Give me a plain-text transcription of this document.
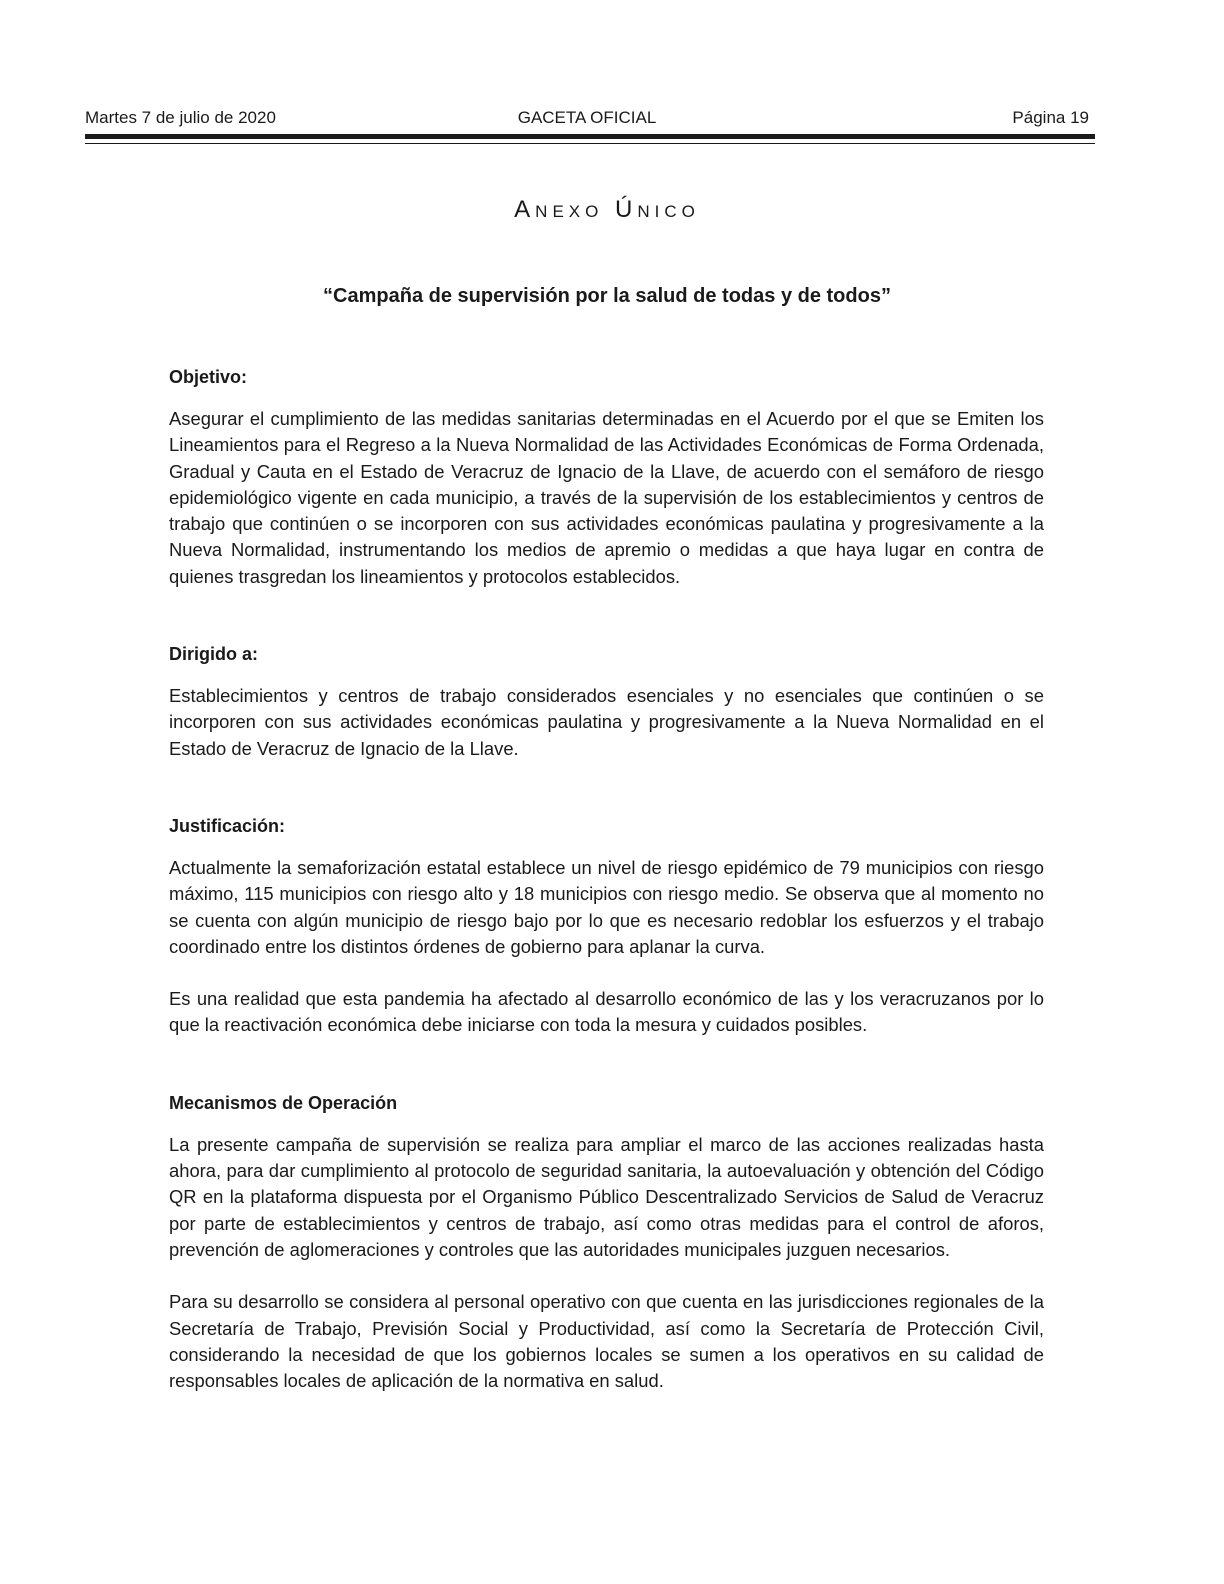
Martes 7 de julio de 2020	GACETA OFICIAL	Página 19
Anexo Único
“Campaña de supervisión por la salud de todas y de todos”

Objetivo:

Asegurar el cumplimiento de las medidas sanitarias determinadas en el Acuerdo por el que se Emiten los Lineamientos para el Regreso a la Nueva Normalidad de las Actividades Económicas de Forma Ordenada, Gradual y Cauta en el Estado de Veracruz de Ignacio de la Llave, de acuerdo con el semáforo de riesgo epidemiológico vigente en cada municipio, a través de la supervisión de los establecimientos y centros de trabajo que continúen o se incorporen con sus actividades económicas paulatina y progresivamente a la Nueva Normalidad, instrumentando los medios de apremio o medidas a que haya lugar en contra de quienes trasgredan los lineamientos y protocolos establecidos.

Dirigido a:

Establecimientos y centros de trabajo considerados esenciales y no esenciales que continúen o se incorporen con sus actividades económicas paulatina y progresivamente a la Nueva Normalidad en el Estado de Veracruz de Ignacio de la Llave.

Justificación:

Actualmente la semaforización estatal establece un nivel de riesgo epidémico de 79 municipios con riesgo máximo, 115 municipios con riesgo alto y 18 municipios con riesgo medio. Se observa que al momento no se cuenta con algún municipio de riesgo bajo por lo que es necesario redoblar los esfuerzos y el trabajo coordinado entre los distintos órdenes de gobierno para aplanar la curva.

Es una realidad que esta pandemia ha afectado al desarrollo económico de las y los veracruzanos por lo que la reactivación económica debe iniciarse con toda la mesura y cuidados posibles.

Mecanismos de Operación

La presente campaña de supervisión se realiza para ampliar el marco de las acciones realizadas hasta ahora, para dar cumplimiento al protocolo de seguridad sanitaria, la autoevaluación y obtención del Código QR en la plataforma dispuesta por el Organismo Público Descentralizado Servicios de Salud de Veracruz por parte de establecimientos y centros de trabajo, así como otras medidas para el control de aforos, prevención de aglomeraciones y controles que las autoridades municipales juzguen necesarios.

Para su desarrollo se considera al personal operativo con que cuenta en las jurisdicciones regionales de la Secretaría de Trabajo, Previsión Social y Productividad, así como la Secretaría de Protección Civil, considerando la necesidad de que los gobiernos locales se sumen a los operativos en su calidad de responsables locales de aplicación de la normativa en salud.
